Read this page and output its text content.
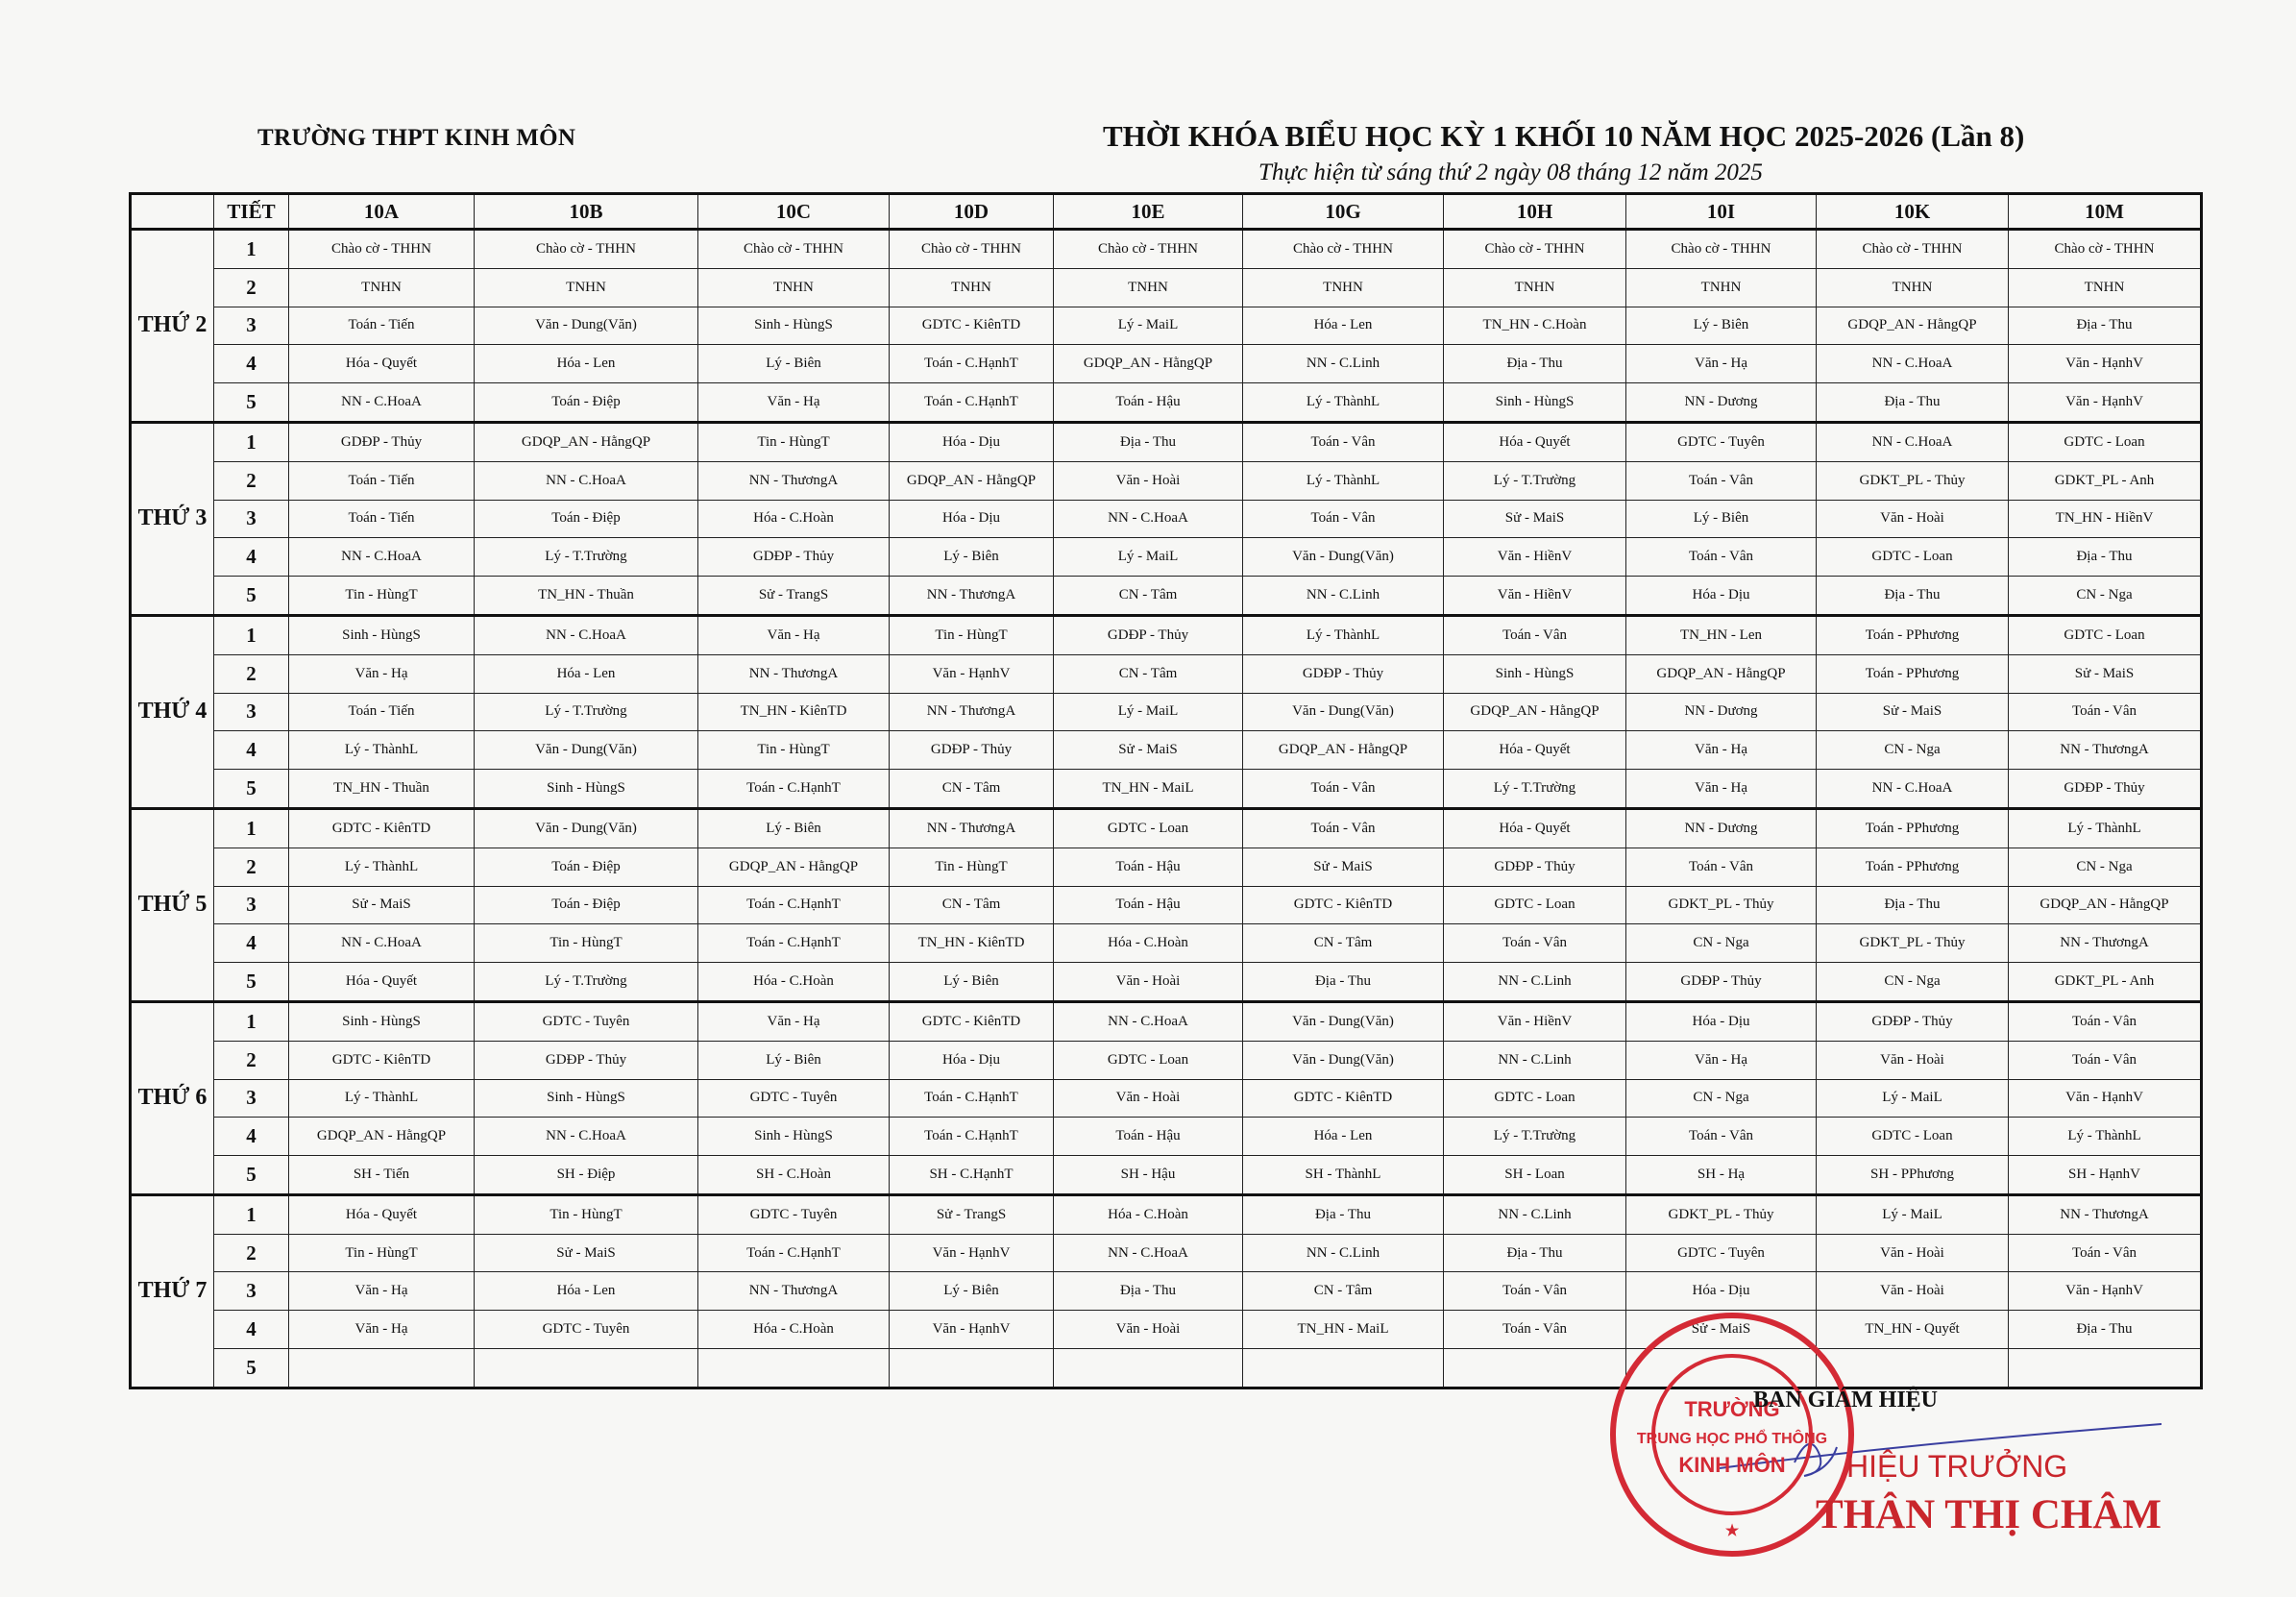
TRƯỜNG THPT KINH MÔN	THỜI KHÓA BIỂU HỌC KỲ 1 KHỐI 10 NĂM HỌC 2025-2026 (Lần 8)
Thực hiện từ sáng thứ 2 ngày 08 tháng 12 năm 2025
	TIẾT	10A	10B	10C	10D	10E	10G	10H	10I	10K	10M
THỨ 2	1	Chào cờ - THHN	Chào cờ - THHN	Chào cờ - THHN	Chào cờ - THHN	Chào cờ - THHN	Chào cờ - THHN	Chào cờ - THHN	Chào cờ - THHN	Chào cờ - THHN	Chào cờ - THHN
	2	TNHN	TNHN	TNHN	TNHN	TNHN	TNHN	TNHN	TNHN	TNHN	TNHN
	3	Toán - Tiến	Văn - Dung(Văn)	Sinh - HùngS	GDTC - KiênTD	Lý - MaiL	Hóa - Len	TN_HN - C.Hoàn	Lý - Biên	GDQP_AN - HằngQP	Địa - Thu
	4	Hóa - Quyết	Hóa - Len	Lý - Biên	Toán - C.HạnhT	GDQP_AN - HằngQP	NN - C.Linh	Địa - Thu	Văn - Hạ	NN - C.HoaA	Văn - HạnhV
	5	NN - C.HoaA	Toán - Điệp	Văn - Hạ	Toán - C.HạnhT	Toán - Hậu	Lý - ThànhL	Sinh - HùngS	NN - Dương	Địa - Thu	Văn - HạnhV
THỨ 3	1	GDĐP - Thủy	GDQP_AN - HằngQP	Tin - HùngT	Hóa - Dịu	Địa - Thu	Toán - Vân	Hóa - Quyết	GDTC - Tuyên	NN - C.HoaA	GDTC - Loan
	2	Toán - Tiến	NN - C.HoaA	NN - ThươngA	GDQP_AN - HằngQP	Văn - Hoài	Lý - ThànhL	Lý - T.Trường	Toán - Vân	GDKT_PL - Thủy	GDKT_PL - Anh
	3	Toán - Tiến	Toán - Điệp	Hóa - C.Hoàn	Hóa - Dịu	NN - C.HoaA	Toán - Vân	Sử - MaiS	Lý - Biên	Văn - Hoài	TN_HN - HiềnV
	4	NN - C.HoaA	Lý - T.Trường	GDĐP - Thủy	Lý - Biên	Lý - MaiL	Văn - Dung(Văn)	Văn - HiềnV	Toán - Vân	GDTC - Loan	Địa - Thu
	5	Tin - HùngT	TN_HN - Thuần	Sử - TrangS	NN - ThươngA	CN - Tâm	NN - C.Linh	Văn - HiềnV	Hóa - Dịu	Địa - Thu	CN - Nga
THỨ 4	1	Sinh - HùngS	NN - C.HoaA	Văn - Hạ	Tin - HùngT	GDĐP - Thủy	Lý - ThànhL	Toán - Vân	TN_HN - Len	Toán - PPhương	GDTC - Loan
	2	Văn - Hạ	Hóa - Len	NN - ThươngA	Văn - HạnhV	CN - Tâm	GDĐP - Thủy	Sinh - HùngS	GDQP_AN - HằngQP	Toán - PPhương	Sử - MaiS
	3	Toán - Tiến	Lý - T.Trường	TN_HN - KiênTD	NN - ThươngA	Lý - MaiL	Văn - Dung(Văn)	GDQP_AN - HằngQP	NN - Dương	Sử - MaiS	Toán - Vân
	4	Lý - ThànhL	Văn - Dung(Văn)	Tin - HùngT	GDĐP - Thủy	Sử - MaiS	GDQP_AN - HằngQP	Hóa - Quyết	Văn - Hạ	CN - Nga	NN - ThươngA
	5	TN_HN - Thuần	Sinh - HùngS	Toán - C.HạnhT	CN - Tâm	TN_HN - MaiL	Toán - Vân	Lý - T.Trường	Văn - Hạ	NN - C.HoaA	GDĐP - Thủy
THỨ 5	1	GDTC - KiênTD	Văn - Dung(Văn)	Lý - Biên	NN - ThươngA	GDTC - Loan	Toán - Vân	Hóa - Quyết	NN - Dương	Toán - PPhương	Lý - ThànhL
	2	Lý - ThànhL	Toán - Điệp	GDQP_AN - HằngQP	Tin - HùngT	Toán - Hậu	Sử - MaiS	GDĐP - Thủy	Toán - Vân	Toán - PPhương	CN - Nga
	3	Sử - MaiS	Toán - Điệp	Toán - C.HạnhT	CN - Tâm	Toán - Hậu	GDTC - KiênTD	GDTC - Loan	GDKT_PL - Thủy	Địa - Thu	GDQP_AN - HằngQP
	4	NN - C.HoaA	Tin - HùngT	Toán - C.HạnhT	TN_HN - KiênTD	Hóa - C.Hoàn	CN - Tâm	Toán - Vân	CN - Nga	GDKT_PL - Thủy	NN - ThươngA
	5	Hóa - Quyết	Lý - T.Trường	Hóa - C.Hoàn	Lý - Biên	Văn - Hoài	Địa - Thu	NN - C.Linh	GDĐP - Thủy	CN - Nga	GDKT_PL - Anh
THỨ 6	1	Sinh - HùngS	GDTC - Tuyên	Văn - Hạ	GDTC - KiênTD	NN - C.HoaA	Văn - Dung(Văn)	Văn - HiềnV	Hóa - Dịu	GDĐP - Thủy	Toán - Vân
	2	GDTC - KiênTD	GDĐP - Thủy	Lý - Biên	Hóa - Dịu	GDTC - Loan	Văn - Dung(Văn)	NN - C.Linh	Văn - Hạ	Văn - Hoài	Toán - Vân
	3	Lý - ThànhL	Sinh - HùngS	GDTC - Tuyên	Toán - C.HạnhT	Văn - Hoài	GDTC - KiênTD	GDTC - Loan	CN - Nga	Lý - MaiL	Văn - HạnhV
	4	GDQP_AN - HằngQP	NN - C.HoaA	Sinh - HùngS	Toán - C.HạnhT	Toán - Hậu	Hóa - Len	Lý - T.Trường	Toán - Vân	GDTC - Loan	Lý - ThànhL
	5	SH - Tiến	SH - Điệp	SH - C.Hoàn	SH - C.HạnhT	SH - Hậu	SH - ThànhL	SH - Loan	SH - Hạ	SH - PPhương	SH - HạnhV
THỨ 7	1	Hóa - Quyết	Tin - HùngT	GDTC - Tuyên	Sử - TrangS	Hóa - C.Hoàn	Địa - Thu	NN - C.Linh	GDKT_PL - Thủy	Lý - MaiL	NN - ThươngA
	2	Tin - HùngT	Sử - MaiS	Toán - C.HạnhT	Văn - HạnhV	NN - C.HoaA	NN - C.Linh	Địa - Thu	GDTC - Tuyên	Văn - Hoài	Toán - Vân
	3	Văn - Hạ	Hóa - Len	NN - ThươngA	Lý - Biên	Địa - Thu	CN - Tâm	Toán - Vân	Hóa - Dịu	Văn - Hoài	Văn - HạnhV
	4	Văn - Hạ	GDTC - Tuyên	Hóa - C.Hoàn	Văn - HạnhV	Văn - Hoài	TN_HN - MaiL	Toán - Vân	Sử - MaiS	TN_HN - Quyết	Địa - Thu
	5										
TRƯỜNG
TRUNG HỌC PHỔ THÔNG
KINH MÔN
★
BAN GIÁM HIỆU
HIỆU TRƯỞNG
THÂN THỊ CHÂM
